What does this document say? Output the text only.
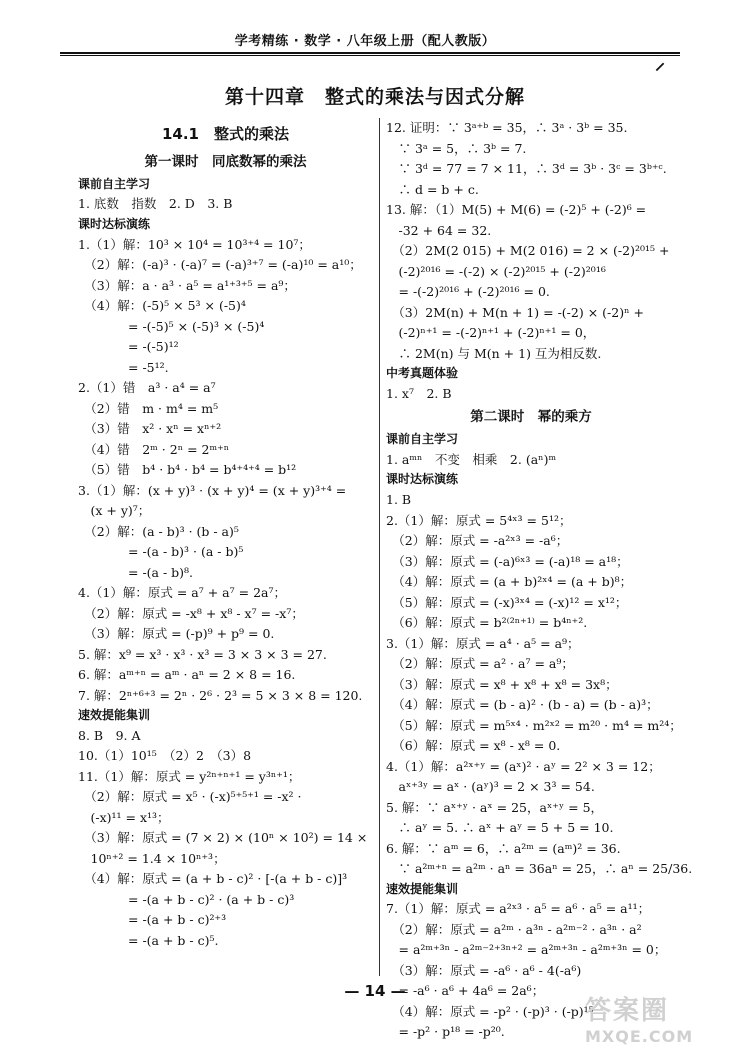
学考精练 · 数学 · 八年级上册（配人教版）
⸝
第十四章　整式的乘法与因式分解
14.1　整式的乘法
第一课时　同底数幂的乘法
课前自主学习
1. 底数　指数　2. D　3. B
课时达标演练
1.（1）解：10³ × 10⁴ = 10³⁺⁴ = 10⁷；
　（2）解：(-a)³ · (-a)⁷ = (-a)³⁺⁷ = (-a)¹⁰ = a¹⁰；
　（3）解：a · a³ · a⁵ = a¹⁺³⁺⁵ = a⁹；
　（4）解：(-5)⁵ × 5³ × (-5)⁴
　　　　= -(-5)⁵ × (-5)³ × (-5)⁴
　　　　= -(-5)¹²
　　　　= -5¹².
2.（1）错　a³ · a⁴ = a⁷
　（2）错　m · m⁴ = m⁵
　（3）错　x² · xⁿ = xⁿ⁺²
　（4）错　2ᵐ · 2ⁿ = 2ᵐ⁺ⁿ
　（5）错　b⁴ · b⁴ · b⁴ = b⁴⁺⁴⁺⁴ = b¹²
3.（1）解：(x + y)³ · (x + y)⁴ = (x + y)³⁺⁴ =
　(x + y)⁷；
　（2）解：(a - b)³ · (b - a)⁵
　　　　= -(a - b)³ · (a - b)⁵
　　　　= -(a - b)⁸.
4.（1）解：原式 = a⁷ + a⁷ = 2a⁷；
　（2）解：原式 = -x⁸ + x⁸ - x⁷ = -x⁷；
　（3）解：原式 = (-p)⁹ + p⁹ = 0.
5. 解：x⁹ = x³ · x³ · x³ = 3 × 3 × 3 = 27.
6. 解：aᵐ⁺ⁿ = aᵐ · aⁿ = 2 × 8 = 16.
7. 解：2ⁿ⁺⁶⁺³ = 2ⁿ · 2⁶ · 2³ = 5 × 3 × 8 = 120.
速效提能集训
8. B　9. A
10.（1）10¹⁵　（2）2　（3）8
11.（1）解：原式 = y²ⁿ⁺ⁿ⁺¹ = y³ⁿ⁺¹；
　（2）解：原式 = x⁵ · (-x)⁵⁺⁵⁺¹ = -x² ·
　(-x)¹¹ = x¹³；
　（3）解：原式 = (7 × 2) × (10ⁿ × 10²) = 14 ×
　10ⁿ⁺² = 1.4 × 10ⁿ⁺³；
　（4）解：原式 = (a + b - c)² · [-(a + b - c)]³
　　　　= -(a + b - c)² · (a + b - c)³
　　　　= -(a + b - c)²⁺³
　　　　= -(a + b - c)⁵.
12. 证明：∵ 3ᵃ⁺ᵇ = 35，∴ 3ᵃ · 3ᵇ = 35.
　∵ 3ᵃ = 5，∴ 3ᵇ = 7.
　∵ 3ᵈ = 77 = 7 × 11，∴ 3ᵈ = 3ᵇ · 3ᶜ = 3ᵇ⁺ᶜ.
　∴ d = b + c.
13. 解：（1）M(5) + M(6) = (-2)⁵ + (-2)⁶ =
　-32 + 64 = 32.
　（2）2M(2 015) + M(2 016) = 2 × (-2)²⁰¹⁵ +
　(-2)²⁰¹⁶ = -(-2) × (-2)²⁰¹⁵ + (-2)²⁰¹⁶
　= -(-2)²⁰¹⁶ + (-2)²⁰¹⁶ = 0.
　（3）2M(n) + M(n + 1) = -(-2) × (-2)ⁿ +
　(-2)ⁿ⁺¹ = -(-2)ⁿ⁺¹ + (-2)ⁿ⁺¹ = 0，
　∴ 2M(n) 与 M(n + 1) 互为相反数.
中考真题体验
1. x⁷　2. B
第二课时　幂的乘方
课前自主学习
1. aᵐⁿ　不变　相乘　2. (aⁿ)ᵐ
课时达标演练
1. B
2.（1）解：原式 = 5⁴ˣ³ = 5¹²；
　（2）解：原式 = -a²ˣ³ = -a⁶；
　（3）解：原式 = (-a)⁶ˣ³ = (-a)¹⁸ = a¹⁸；
　（4）解：原式 = (a + b)²ˣ⁴ = (a + b)⁸；
　（5）解：原式 = (-x)³ˣ⁴ = (-x)¹² = x¹²；
　（6）解：原式 = b²⁽²ⁿ⁺¹⁾ = b⁴ⁿ⁺².
3.（1）解：原式 = a⁴ · a⁵ = a⁹；
　（2）解：原式 = a² · a⁷ = a⁹；
　（3）解：原式 = x⁸ + x⁸ + x⁸ = 3x⁸；
　（4）解：原式 = (b - a)² · (b - a) = (b - a)³；
　（5）解：原式 = m⁵ˣ⁴ · m²ˣ² = m²⁰ · m⁴ = m²⁴；
　（6）解：原式 = x⁸ - x⁸ = 0.
4.（1）解：a²ˣ⁺ʸ = (aˣ)² · aʸ = 2² × 3 = 12；
　aˣ⁺³ʸ = aˣ · (aʸ)³ = 2 × 3³ = 54.
5. 解：∵ aˣ⁺ʸ · aˣ = 25，aˣ⁺ʸ = 5，
　∴ aʸ = 5. ∴ aˣ + aʸ = 5 + 5 = 10.
6. 解：∵ aᵐ = 6，∴ a²ᵐ = (aᵐ)² = 36.
　∵ a²ᵐ⁺ⁿ = a²ᵐ · aⁿ = 36aⁿ = 25，∴ aⁿ = 25/36.
速效提能集训
7.（1）解：原式 = a²ˣ³ · a⁵ = a⁶ · a⁵ = a¹¹；
　（2）解：原式 = a²ᵐ · a³ⁿ - a²ᵐ⁻² · a³ⁿ · a²
　= a²ᵐ⁺³ⁿ - a²ᵐ⁻²⁺³ⁿ⁺² = a²ᵐ⁺³ⁿ - a²ᵐ⁺³ⁿ = 0；
　（3）解：原式 = -a⁶ · a⁶ - 4(-a⁶)
　= -a⁶ · a⁶ + 4a⁶ = 2a⁶；
　（4）解：原式 = -p² · (-p)³ · (-p)¹⁵
　= -p² · p¹⁸ = -p²⁰.
— 14 —
答案圈
MXQE.COM
